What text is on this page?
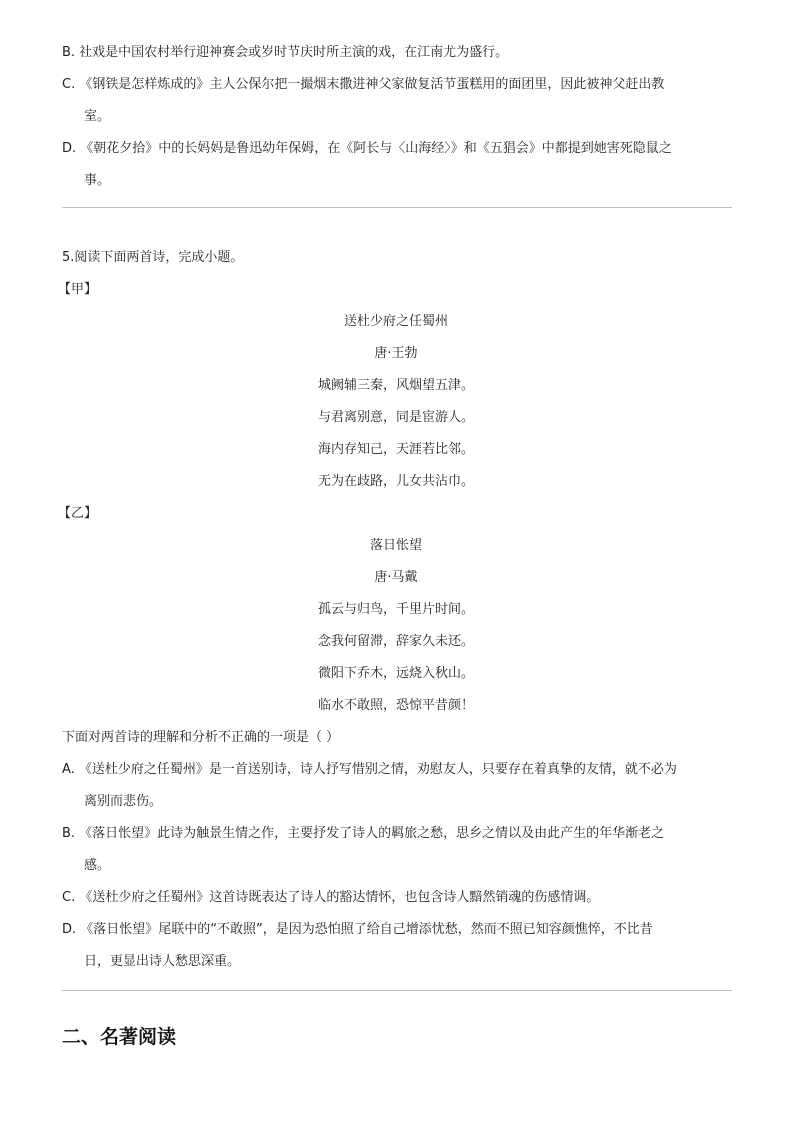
B. 社戏是中国农村举行迎神赛会或岁时节庆时所主演的戏，在江南尤为盛行。
C. 《钢铁是怎样炼成的》主人公保尔把一撮烟末撒进神父家做复活节蛋糕用的面团里，因此被神父赶出教
室。
D. 《朝花夕拾》中的长妈妈是鲁迅幼年保姆，在《阿长与〈山海经〉》和《五猖会》中都提到她害死隐鼠之
事。
5.阅读下面两首诗，完成小题。
【甲】
送杜少府之任蜀州
唐·王勃
城阙辅三秦，风烟望五津。
与君离别意，同是宦游人。
海内存知己，天涯若比邻。
无为在歧路，儿女共沾巾。
【乙】
落日怅望
唐·马戴
孤云与归鸟，千里片时间。
念我何留滞，辞家久未还。
微阳下乔木，远烧入秋山。
临水不敢照，恐惊平昔颜！
下面对两首诗的理解和分析不正确的一项是（ ）
A. 《送杜少府之任蜀州》是一首送别诗，诗人抒写惜别之情，劝慰友人，只要存在着真挚的友情，就不必为
离别而悲伤。
B. 《落日怅望》此诗为触景生情之作，主要抒发了诗人的羁旅之愁，思乡之情以及由此产生的年华渐老之
感。
C. 《送杜少府之任蜀州》这首诗既表达了诗人的豁达情怀，也包含诗人黯然销魂的伤感情调。
D. 《落日怅望》尾联中的“不敢照”，是因为恐怕照了给自己增添忧愁，然而不照已知容颜憔悴，不比昔
日，更显出诗人愁思深重。
二、名著阅读
